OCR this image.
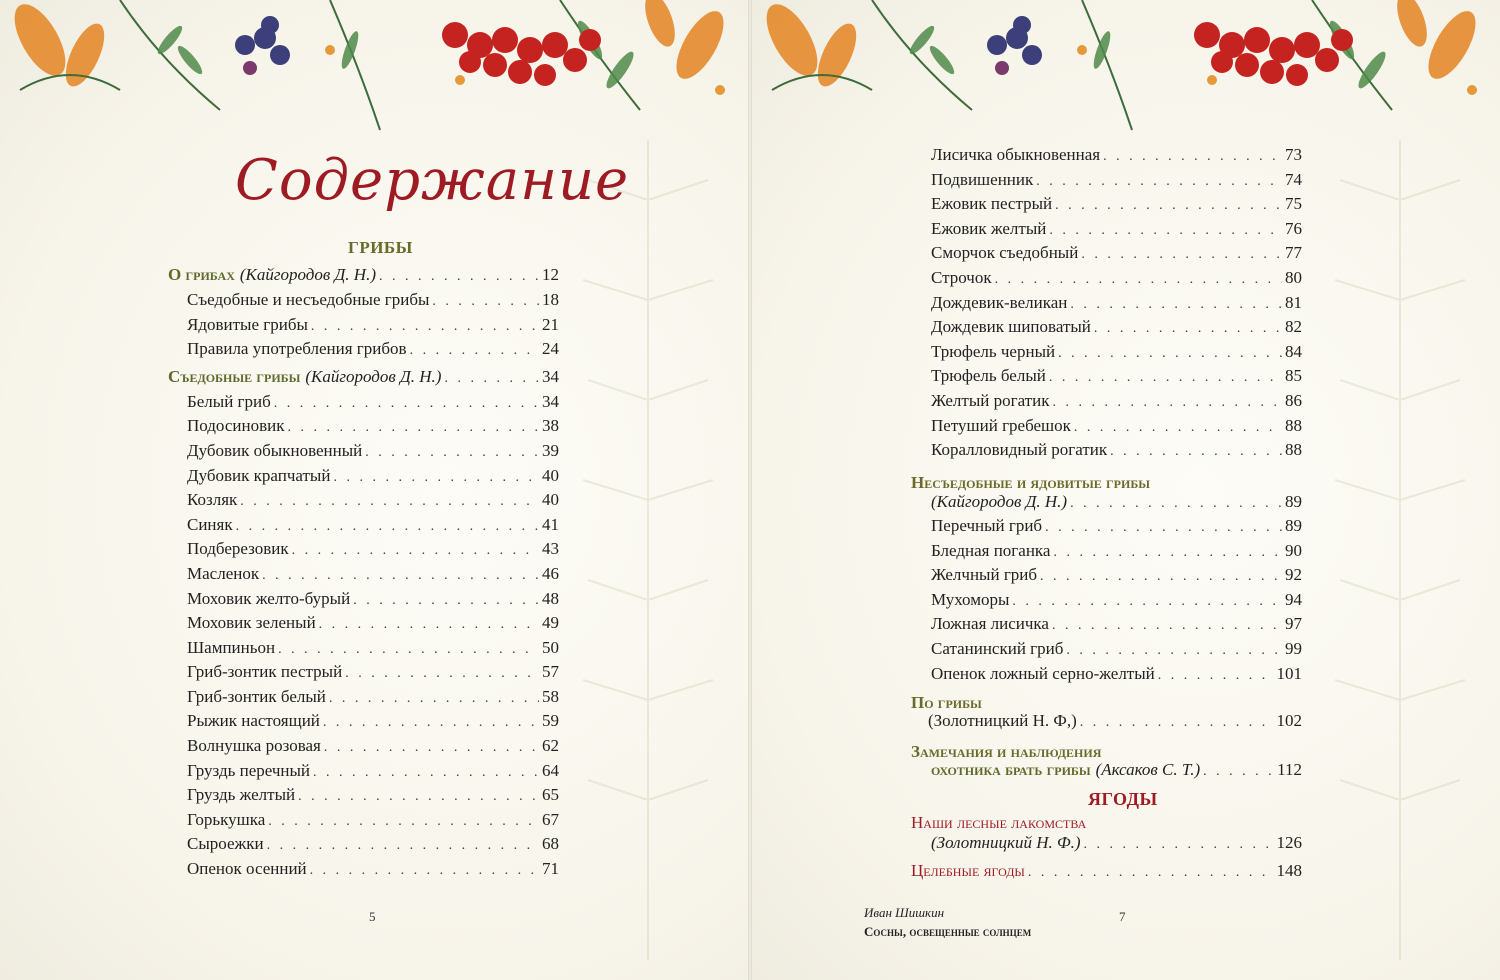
Содержание
ГРИБЫ
О грибах (Кайгородов Д. Н.) . . .	12
Съедобные и несъедобные грибы . . .	18
Ядовитые грибы . . .	21
Правила употребления грибов . . .	24
Съедобные грибы (Кайгородов Д. Н.) . . .	34
Белый гриб . . .	34
Подосиновик . . .	38
Дубовик обыкновенный . . .	39
Дубовик крапчатый . . .	40
Козляк . . .	40
Синяк . . .	41
Подберезовик . . .	43
Масленок . . .	46
Моховик желто-бурый . . .	48
Моховик зеленый . . .	49
Шампиньон . . .	50
Гриб-зонтик пестрый . . .	57
Гриб-зонтик белый . . .	58
Рыжик настоящий . . .	59
Волнушка розовая . . .	62
Груздь перечный . . .	64
Груздь желтый . . .	65
Горькушка . . .	67
Сыроежки . . .	68
Опенок осенний . . .	71
5
Лисичка обыкновенная . . .	73
Подвишенник . . .	74
Ежовик пестрый . . .	75
Ежовик желтый . . .	76
Сморчок съедобный . . .	77
Строчок . . .	80
Дождевик-великан . . .	81
Дождевик шиповатый . . .	82
Трюфель черный . . .	84
Трюфель белый . . .	85
Желтый рогатик . . .	86
Петуший гребешок . . .	88
Коралловидный рогатик . . .	88
Несъедобные и ядовитые грибы
(Кайгородов Д. Н.) . . .	89
Перечный гриб . . .	89
Бледная поганка . . .	90
Желчный гриб . . .	92
Мухоморы . . .	94
Ложная лисичка . . .	97
Сатанинский гриб . . .	99
Опенок ложный серно-желтый . . .	101
По грибы
(Золотницкий Н. Ф,) . . .	102
Замечания и наблюдения
охотника брать грибы (Аксаков С. Т.) . . .	112
ЯГОДЫ
Наши лесные лакомства
(Золотницкий Н. Ф.) . . .	126
Целебные ягоды . . .	148
Иван Шишкин
Сосны, освещенные солнцем
7
